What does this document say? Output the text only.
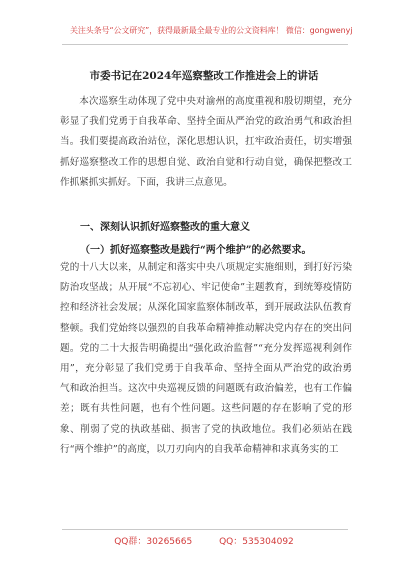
关注头条号“公文研究”，获得最新最全最专业的公文资料库！ 微信：gongwenyj
市委书记在2024年巡察整改工作推进会上的讲话

本次巡察生动体现了党中央对渝州的高度重视和殷切期望，充分彰显了我们党勇于自我革命、坚持全面从严治党的政治勇气和政治担当。我们要提高政治站位，深化思想认识，扛牢政治责任，切实增强抓好巡察整改工作的思想自觉、政治自觉和行动自觉，确保把整改工作抓紧抓实抓好。下面，我讲三点意见。

一、深刻认识抓好巡察整改的重大意义
（一）抓好巡察整改是践行“两个维护”的必然要求。

党的十八大以来，从制定和落实中央八项规定实施细则，到打好污染防治攻坚战；从开展“不忘初心、牢记使命”主题教育，到统筹疫情防控和经济社会发展；从深化国家监察体制改革，到开展政法队伍教育整顿。我们党始终以强烈的自我革命精神推动解决党内存在的突出问题。党的二十大报告明确提出“强化政治监督”“充分发挥巡视利剑作用”，充分彰显了我们党勇于自我革命、坚持全面从严治党的政治勇气和政治担当。这次中央巡视反馈的问题既有政治偏差，也有工作偏差；既有共性问题，也有个性问题。这些问题的存在影响了党的形象、削弱了党的执政基础、损害了党的执政地位。我们必须站在践行“两个维护”的高度，以刀刃向内的自我革命精神和求真务实的工

QQ群：30265665	QQ：535304092
